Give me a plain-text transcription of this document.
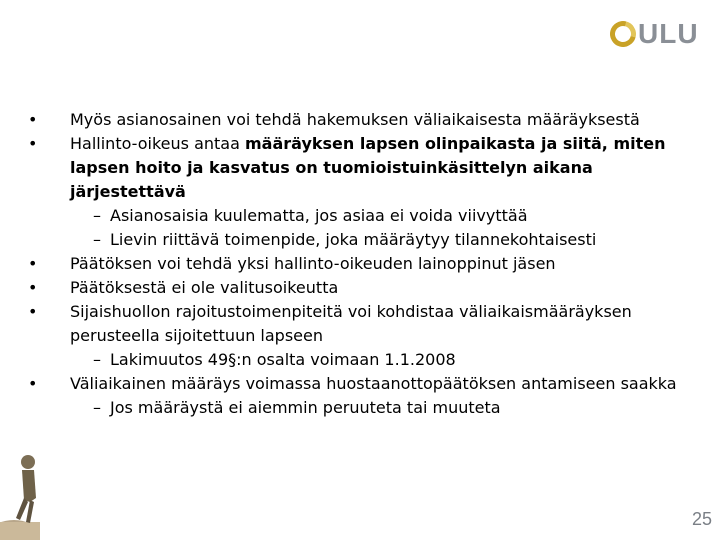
ULU

• Myös asianosainen voi tehdä hakemuksen väliaikaisesta määräyksestä

• Hallinto-oikeus antaa määräyksen lapsen olinpaikasta ja siitä, miten lapsen hoito ja kasvatus on tuomioistuinkäsittelyn aikana järjestettävä

– Asianosaisia kuulematta, jos asiaa ei voida viivyttää

– Lievin riittävä toimenpide, joka määräytyy tilannekohtaisesti

• Päätöksen voi tehdä yksi hallinto-oikeuden lainoppinut jäsen

• Päätöksestä ei ole valitusoikeutta

• Sijaishuollon rajoitustoimenpiteitä voi kohdistaa väliaikaismääräyksen perusteella sijoitettuun lapseen

– Lakimuutos 49§:n osalta voimaan 1.1.2008

• Väliaikainen määräys voimassa huostaanottopäätöksen antamiseen saakka

– Jos määräystä ei aiemmin peruuteta tai muuteta

25
